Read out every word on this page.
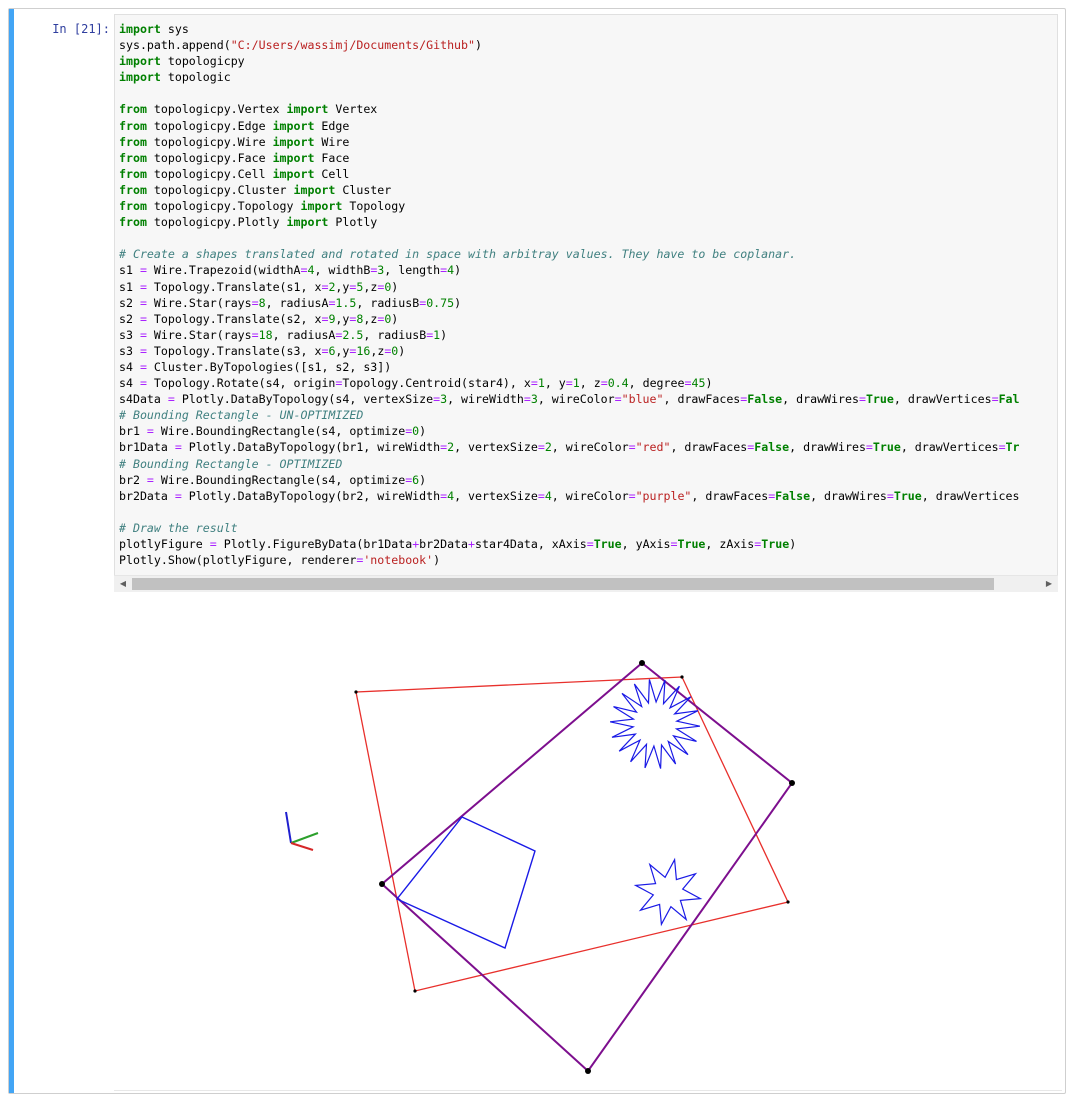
In [21]: import sys
sys.path.append("C:/Users/wassimj/Documents/Github")
import topologicpy
import topologic

from topologicpy.Vertex import Vertex
from topologicpy.Edge import Edge
from topologicpy.Wire import Wire
from topologicpy.Face import Face
from topologicpy.Cell import Cell
from topologicpy.Cluster import Cluster
from topologicpy.Topology import Topology
from topologicpy.Plotly import Plotly

# Create a shapes translated and rotated in space with arbitray values. They have to be coplanar.
s1 = Wire.Trapezoid(widthA=4, widthB=3, length=4)
s1 = Topology.Translate(s1, x=2,y=5,z=0)
s2 = Wire.Star(rays=8, radiusA=1.5, radiusB=0.75)
s2 = Topology.Translate(s2, x=9,y=8,z=0)
s3 = Wire.Star(rays=18, radiusA=2.5, radiusB=1)
s3 = Topology.Translate(s3, x=6,y=16,z=0)
s4 = Cluster.ByTopologies([s1, s2, s3])
s4 = Topology.Rotate(s4, origin=Topology.Centroid(star4), x=1, y=1, z=0.4, degree=45)
s4Data = Plotly.DataByTopology(s4, vertexSize=3, wireWidth=3, wireColor="blue", drawFaces=False, drawWires=True, drawVertices=Fal
# Bounding Rectangle - UN-OPTIMIZED
br1 = Wire.BoundingRectangle(s4, optimize=0)
br1Data = Plotly.DataByTopology(br1, wireWidth=2, vertexSize=2, wireColor="red", drawFaces=False, drawWires=True, drawVertices=Tr
# Bounding Rectangle - OPTIMIZED
br2 = Wire.BoundingRectangle(s4, optimize=6)
br2Data = Plotly.DataByTopology(br2, wireWidth=4, vertexSize=4, wireColor="purple", drawFaces=False, drawWires=True, drawVertices

# Draw the result
plotlyFigure = Plotly.FigureByData(br1Data+br2Data+star4Data, xAxis=True, yAxis=True, zAxis=True)
Plotly.Show(plotlyFigure, renderer='notebook')
◀	▶
